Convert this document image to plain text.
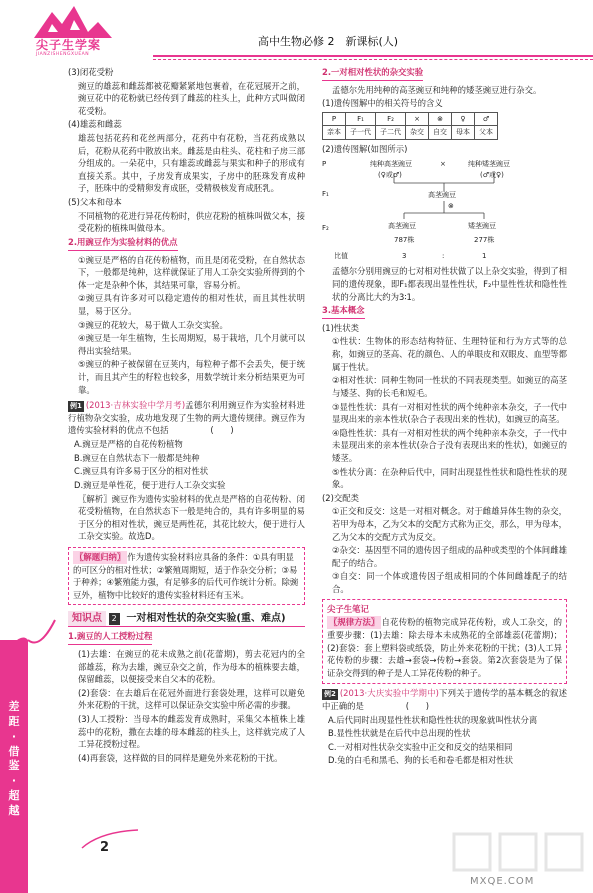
差
距
·
借
鉴
·
超
越
尖子生学案
JIANZISHENGXUEAN
高中生物必修 2　新课标(人)
(3)闭花受粉
豌豆的雄蕊和雌蕊都被花瓣紧紧地包裹着，在花冠展开之前，豌豆花中的花粉就已经传到了雌蕊的柱头上，此种方式叫做闭花受粉。
(4)雄蕊和雌蕊
雄蕊包括花药和花丝两部分，花药中有花粉，当花药成熟以后，花粉从花药中散放出来。雌蕊是由柱头、花柱和子房三部分组成的。一朵花中，只有雄蕊或雌蕊与果实和种子的形成有直接关系。其中，子房发育成果实，子房中的胚珠发育成种子，胚珠中的受精卵发育成胚，受精极核发育成胚乳。
(5)父本和母本
不同植物的花进行异花传粉时，供应花粉的植株叫做父本，接受花粉的植株叫做母本。
2.用豌豆作为实验材料的优点
①豌豆是严格的自花传粉植物，而且是闭花受粉，在自然状态下，一般都是纯种，这样就保证了用人工杂交实验所得到的个体一定是杂种个体，其结果可靠，容易分析。
②豌豆具有许多对可以稳定遗传的相对性状，而且其性状明显，易于区分。
③豌豆的花较大，易于做人工杂交实验。
④豌豆是一年生植物，生长周期短，易于栽培，几个月就可以得出实验结果。
⑤豌豆的种子被保留在豆荚内，每粒种子都不会丢失，便于统计，而且其产生的籽粒也较多，用数学统计来分析结果更为可靠。
例1 (2013·吉林实验中学月考)孟德尔利用豌豆作为实验材料进行植物杂交实验，成功地发现了生物的两大遗传规律。豌豆作为遗传实验材料的优点不包括　　　　　(　　)
A.豌豆是严格的自花传粉植物
B.豌豆在自然状态下一般都是纯种
C.豌豆具有许多易于区分的相对性状
D.豌豆是单性花，便于进行人工杂交实验
〖解析〗豌豆作为遗传实验材料的优点是严格的自花传粉、闭花受粉植物，在自然状态下一般是纯合的，具有许多明显的易于区分的相对性状，豌豆是两性花，其花比较大，便于进行人工杂交实验。故选D。
〖解题归纳〗 作为遗传实验材料应具备的条件：①具有明显的可区分的相对性状；②繁殖周期短，适于作杂交分析；③易于种养；④繁殖能力强，有足够多的后代可作统计分析。除豌豆外，植物中比较好的遗传实验材料还有玉米。
知识点 2 一对相对性状的杂交实验(重、难点)
1.豌豆的人工授粉过程
(1)去雄：在豌豆的花未成熟之前(花蕾期)，剪去花冠内的全部雄蕊，称为去雄，豌豆杂交之前，作为母本的植株要去雄，保留雌蕊，以便接受来自父本的花粉。
(2)套袋：在去雄后在花冠外面进行套袋处理，这样可以避免外来花粉的干扰，这样可以保证杂交实验中所必需的步骤。
(3)人工授粉：当母本的雌蕊发育成熟时，采集父本植株上雄蕊中的花粉，撒在去雄的母本雌蕊的柱头上，这样就完成了人工异花授粉过程。
(4)再套袋，这样做的目的同样是避免外来花粉的干扰。
2.一对相对性状的杂交实验
孟德尔先用纯种的高茎豌豆和纯种的矮茎豌豆进行杂交。
(1)遗传图解中的相关符号的含义
P	F₁	F₂	×	⊗	♀	♂
亲本	子一代	子二代	杂交	自交	母本	父本
(2)遗传图解(如图所示)
P	纯种高茎豌豆	×	纯种矮茎豌豆
(♀或♂)	(♂或♀)
F₁	高茎豌豆
⊗
F₂	高茎豌豆	矮茎豌豆
787株	277株
比值	3	:	1
孟德尔分别用豌豆的七对相对性状做了以上杂交实验，得到了相同的遗传现象，即F₁都表现出显性性状，F₂中显性性状和隐性性状的分离比大约为3∶1。
3.基本概念
(1)性状类
①性状：生物体的形态结构特征、生理特征和行为方式等的总称，如豌豆的茎高、花的颜色、人的单眼皮和双眼皮、血型等都属于性状。
②相对性状：同种生物同一性状的不同表现类型。如豌豆的高茎与矮茎、狗的长毛和短毛。
③显性性状：具有一对相对性状的两个纯种亲本杂交，子一代中显现出来的亲本性状(杂合子表现出来的性状)，如豌豆的高茎。
④隐性性状：具有一对相对性状的两个纯种亲本杂交，子一代中未显现出来的亲本性状(杂合子没有表现出来的性状)，如豌豆的矮茎。
⑤性状分离：在杂种后代中，同时出现显性性状和隐性性状的现象。
(2)交配类
①正交和反交：这是一对相对概念。对于雌雄异体生物的杂交，若甲为母本，乙为父本的交配方式称为正交，那么，甲为母本，乙为父本的交配方式为反交。
②杂交：基因型不同的遗传因子组成的品种或类型的个体间雌雄配子的结合。
③自交：同一个体或遗传因子组成相同的个体间雌雄配子的结合。
尖子生笔记
〖规律方法〗 自花传粉的植物完成异花传粉，或人工杂交，的重要步骤：(1)去雄：除去母本未成熟花的全部雄蕊(花蕾期)；(2)套袋：套上塑料袋或纸袋，防止外来花粉的干扰；(3)人工异花传粉的步骤：去雄→套袋→传粉→套袋。第2次套袋是为了保证杂交得到的种子是人工异花传粉的种子。
例2 (2013·大庆实验中学期中)下列关于遗传学的基本概念的叙述中正确的是　　　　　(　　)
A.后代同时出现显性性状和隐性性状的现象就叫性状分离
B.显性性状就是在后代中总出现的性状
C.一对相对性状杂交实验中正交和反交的结果相同
D.兔的白毛和黑毛、狗的长毛和卷毛都是相对性状
2
MXQE.COM
